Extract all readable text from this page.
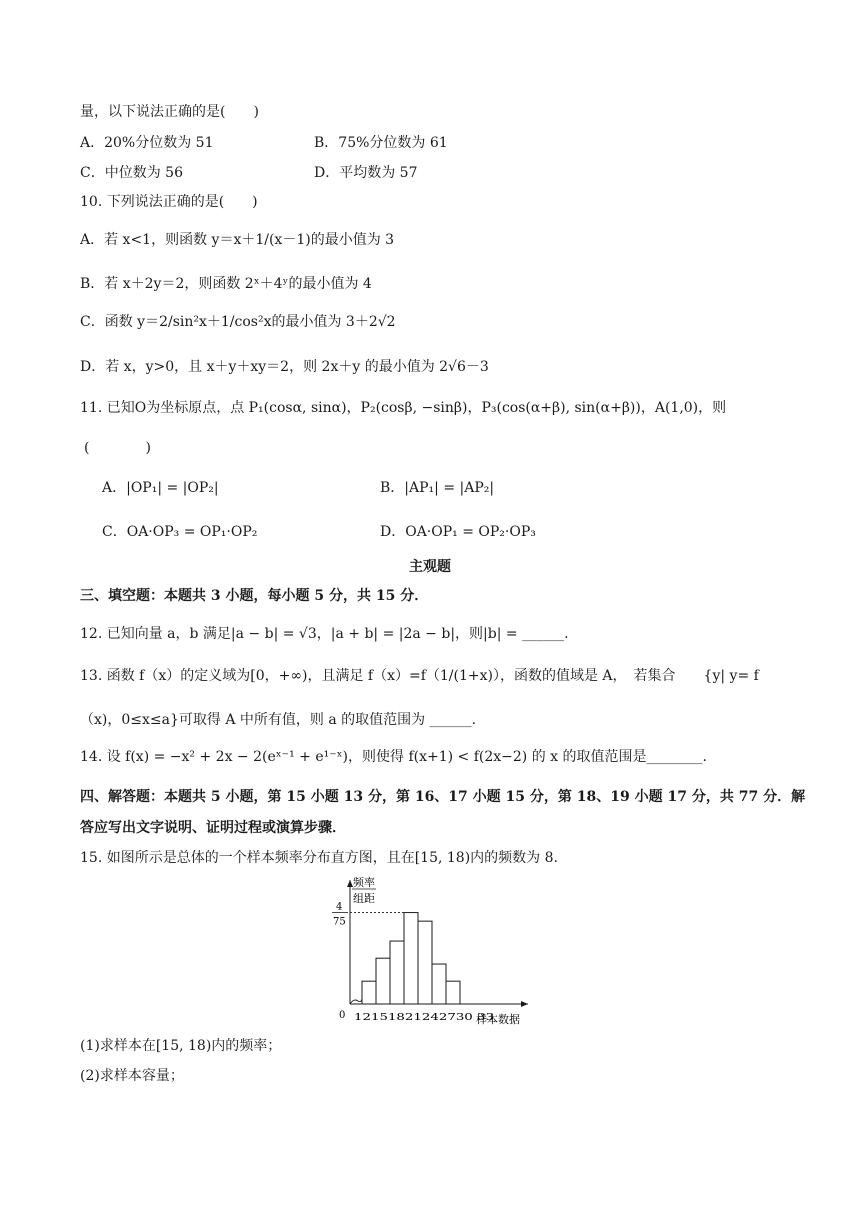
量，以下说法正确的是(　　)
A．20%分位数为 51	B．75%分位数为 61
C．中位数为 56	D．平均数为 57
10. 下列说法正确的是(　　)
A．若 x<1，则函数 y＝x＋1/(x－1)的最小值为 3
B．若 x＋2y＝2，则函数 2ˣ＋4ʸ的最小值为 4
C．函数 y＝2/sin²x＋1/cos²x的最小值为 3＋2√2
D．若 x，y>0，且 x＋y＋xy＝2，则 2x＋y 的最小值为 2√6－3
11. 已知O为坐标原点，点 P₁(cosα, sinα)，P₂(cosβ, −sinβ)，P₃(cos(α+β), sin(α+β))，A(1,0)，则
(　　　　)
A．|OP₁| = |OP₂|	B．|AP₁| = |AP₂|
C．OA·OP₃ = OP₁·OP₂	D．OA·OP₁ = OP₂·OP₃
主观题
三、填空题：本题共 3 小题，每小题 5 分，共 15 分．
12. 已知向量 a，b 满足|a − b| = √3，|a + b| = |2a − b|，则|b| = ______.
13. 函数 f（x）的定义域为[0，+∞)，且满足 f（x）=f（1/(1+x)），函数的值域是 A，　若集合　　{y| y= f
（x)，0≤x≤a}可取得 A 中所有值，则 a 的取值范围为 ______.
14. 设 f(x) = −x² + 2x − 2(eˣ⁻¹ + e¹⁻ˣ)，则使得 f(x+1) < f(2x−2) 的 x 的取值范围是________.
四、解答题：本题共 5 小题，第 15 小题 13 分，第 16、17 小题 15 分，第 18、19 小题 17 分，共 77 分．解
答应写出文字说明、证明过程或演算步骤．
15. 如图所示是总体的一个样本频率分布直方图，且在[15, 18)内的频数为 8.
频率
组距
4
75
0 12151821242730 33
样本数据
(1)求样本在[15, 18)内的频率；
(2)求样本容量；
